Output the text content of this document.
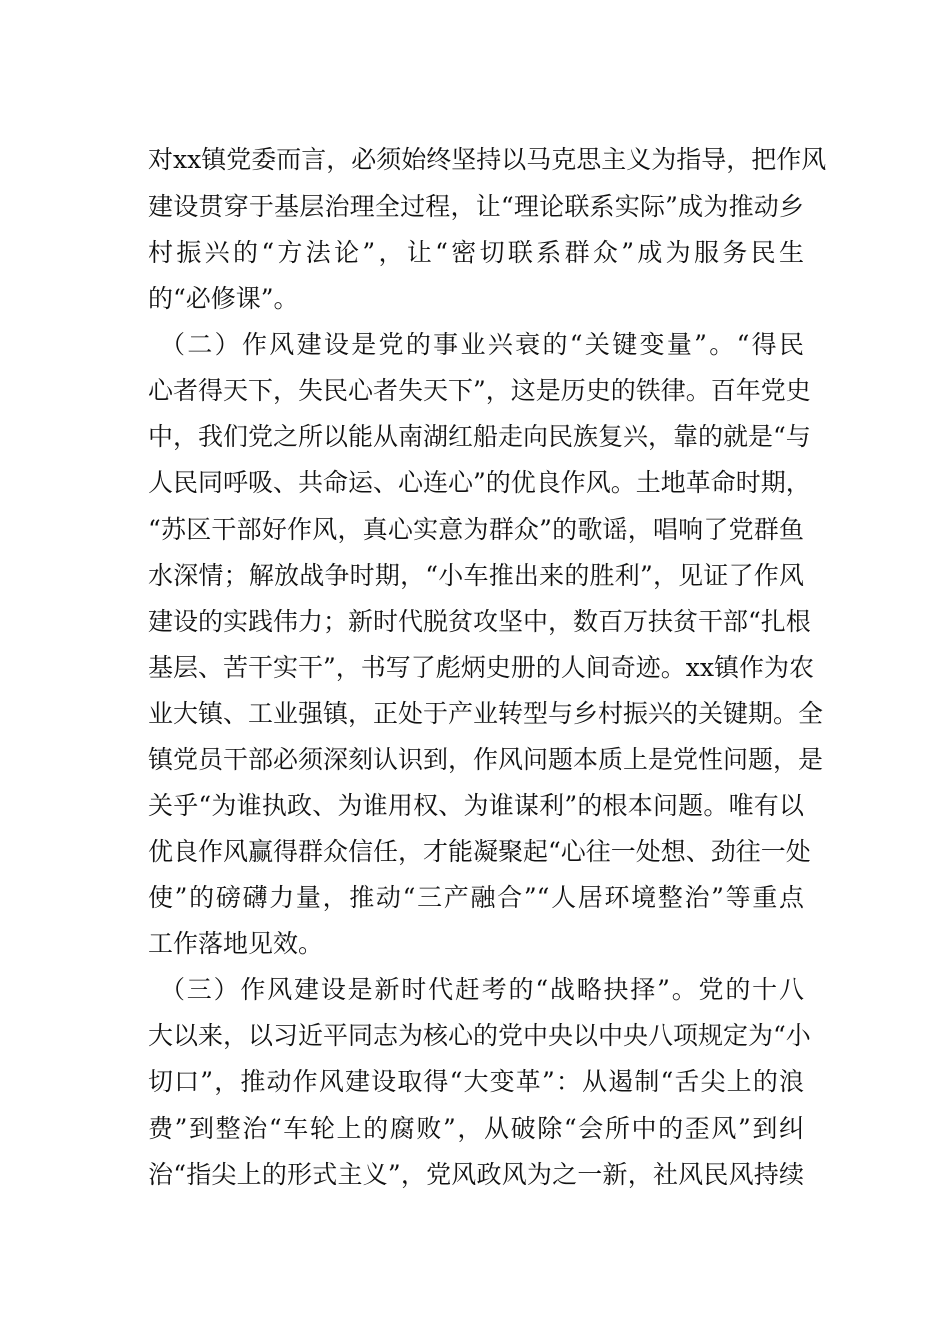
对xx镇党委而言，必须始终坚持以马克思主义为指导，把作风
建设贯穿于基层治理全过程，让“理论联系实际”成为推动乡
村振兴的“方法论”，让“密切联系群众”成为服务民生
的“必修课”。
（二）作风建设是党的事业兴衰的“关键变量”。“得民
心者得天下，失民心者失天下”，这是历史的铁律。百年党史
中，我们党之所以能从南湖红船走向民族复兴，靠的就是“与
人民同呼吸、共命运、心连心”的优良作风。土地革命时期，
“苏区干部好作风，真心实意为群众”的歌谣，唱响了党群鱼
水深情；解放战争时期，“小车推出来的胜利”，见证了作风
建设的实践伟力；新时代脱贫攻坚中，数百万扶贫干部“扎根
基层、苦干实干”，书写了彪炳史册的人间奇迹。xx镇作为农
业大镇、工业强镇，正处于产业转型与乡村振兴的关键期。全
镇党员干部必须深刻认识到，作风问题本质上是党性问题，是
关乎“为谁执政、为谁用权、为谁谋利”的根本问题。唯有以
优良作风赢得群众信任，才能凝聚起“心往一处想、劲往一处
使”的磅礴力量，推动“三产融合”“人居环境整治”等重点
工作落地见效。
（三）作风建设是新时代赶考的“战略抉择”。党的十八
大以来，以习近平同志为核心的党中央以中央八项规定为“小
切口”，推动作风建设取得“大变革”：从遏制“舌尖上的浪
费”到整治“车轮上的腐败”，从破除“会所中的歪风”到纠
治“指尖上的形式主义”，党风政风为之一新，社风民风持续
